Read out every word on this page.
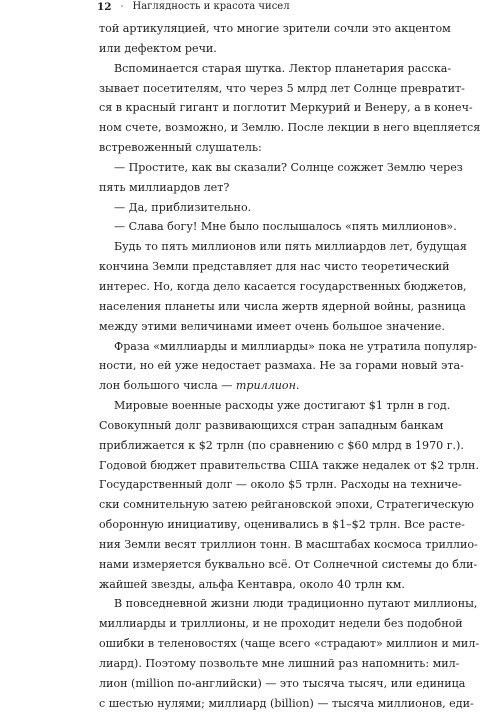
12 · Наглядность и красота чисел
той артикуляцией, что многие зрители сочли это акцентом
или дефектом речи.
Вспоминается старая шутка. Лектор планетария расска-
зывает посетителям, что через 5 млрд лет Солнце превратит-
ся в красный гигант и поглотит Меркурий и Венеру, а в конеч-
ном счете, возможно, и Землю. После лекции в него вцепляется
встревоженный слушатель:
— Простите, как вы сказали? Солнце сожжет Землю через
пять миллиардов лет?
— Да, приблизительно.
— Слава богу! Мне было послышалось «пять миллионов».
Будь то пять миллионов или пять миллиардов лет, будущая
кончина Земли представляет для нас чисто теоретический
интерес. Но, когда дело касается государственных бюджетов,
населения планеты или числа жертв ядерной войны, разница
между этими величинами имеет очень большое значение.
Фраза «миллиарды и миллиарды» пока не утратила популяр-
ности, но ей уже недостает размаха. Не за горами новый эта-
лон большого числа — триллион.
Мировые военные расходы уже достигают $1 трлн в год.
Совокупный долг развивающихся стран западным банкам
приближается к $2 трлн (по сравнению с $60 млрд в 1970 г.).
Годовой бюджет правительства США также недалек от $2 трлн.
Государственный долг — около $5 трлн. Расходы на техниче-
ски сомнительную затею рейгановской эпохи, Стратегическую
оборонную инициативу, оценивались в $1–$2 трлн. Все расте-
ния Земли весят триллион тонн. В масштабах космоса триллио-
нами измеряется буквально всё. От Солнечной системы до бли-
жайшей звезды, альфа Кентавра, около 40 трлн км.
В повседневной жизни люди традиционно путают миллионы,
миллиарды и триллионы, и не проходит недели без подобной
ошибки в теленовостях (чаще всего «страдают» миллион и мил-
лиард). Поэтому позвольте мне лишний раз напомнить: мил-
лион (million по-английски) — это тысяча тысяч, или единица
с шестью нулями; миллиард (billion) — тысяча миллионов, еди-
